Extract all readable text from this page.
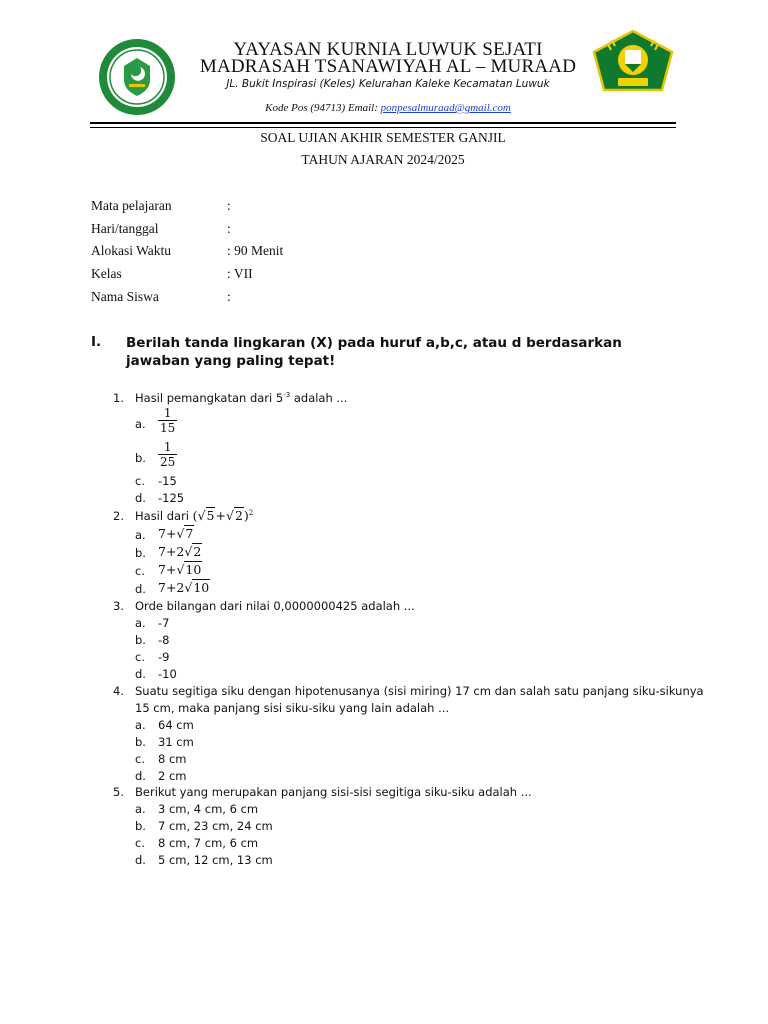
YAYASAN KURNIA LUWUK SEJATI
MADRASAH TSANAWIYAH AL – MURAAD
JL. Bukit Inspirasi (Keles) Kelurahan Kaleke Kecamatan Luwuk
Kode Pos (94713) Email: ponpesalmuraad@gmail.com
SOAL UJIAN AKHIR SEMESTER GANJIL
TAHUN AJARAN 2024/2025
Mata pelajaran	:
Hari/tanggal	:
Alokasi Waktu	: 90 Menit
Kelas	: VII
Nama Siswa	:
I. Berilah tanda lingkaran (X) pada huruf a,b,c, atau d berdasarkan jawaban yang paling tepat!
1. Hasil pemangkatan dari $5^{-3}$ adalah ...
a. $\frac{1}{15}$
b. $\frac{1}{25}$
c. -15
d. -125
2. Hasil dari $(√5+√2)^2$
a. 7+√7
b. 7+2√2
c. 7+√10
d. 7+2√10
3. Orde bilangan dari nilai 0,0000000425 adalah ...
a. -7
b. -8
c. -9
d. -10
4. Suatu segitiga siku dengan hipotenusanya (sisi miring) 17 cm dan salah satu panjang siku-sikunya
15 cm, maka panjang sisi siku-siku yang lain adalah ...
a. 64 cm
b. 31 cm
c. 8 cm
d. 2 cm
5. Berikut yang merupakan panjang sisi-sisi segitiga siku-siku adalah ...
a. 3 cm, 4 cm, 6 cm
b. 7 cm, 23 cm, 24 cm
c. 8 cm, 7 cm, 6 cm
d. 5 cm, 12 cm, 13 cm
